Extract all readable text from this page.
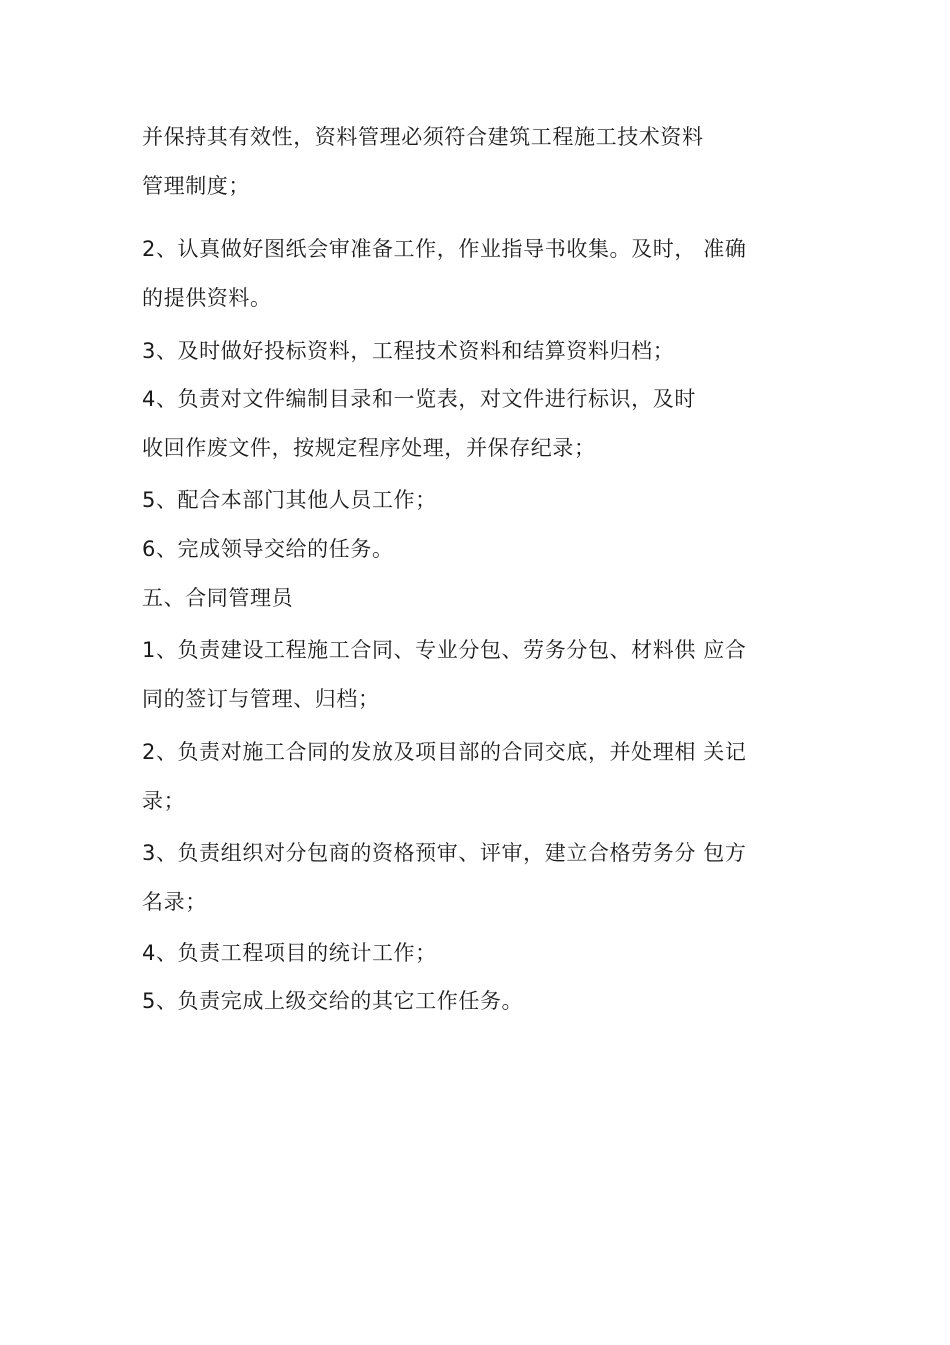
并保持其有效性，资料管理必须符合建筑工程施工技术资料
管理制度；
2、认真做好图纸会审准备工作，作业指导书收集。及时， 准确
的提供资料。
3、及时做好投标资料，工程技术资料和结算资料归档；
4、负责对文件编制目录和一览表，对文件进行标识，及时
收回作废文件，按规定程序处理，并保存纪录；
5、配合本部门其他人员工作；
6、完成领导交给的任务。
五、合同管理员
1、负责建设工程施工合同、专业分包、劳务分包、材料供 应合
同的签订与管理、归档；
2、负责对施工合同的发放及项目部的合同交底，并处理相 关记
录；
3、负责组织对分包商的资格预审、评审，建立合格劳务分 包方
名录；
4、负责工程项目的统计工作；
5、负责完成上级交给的其它工作任务。
